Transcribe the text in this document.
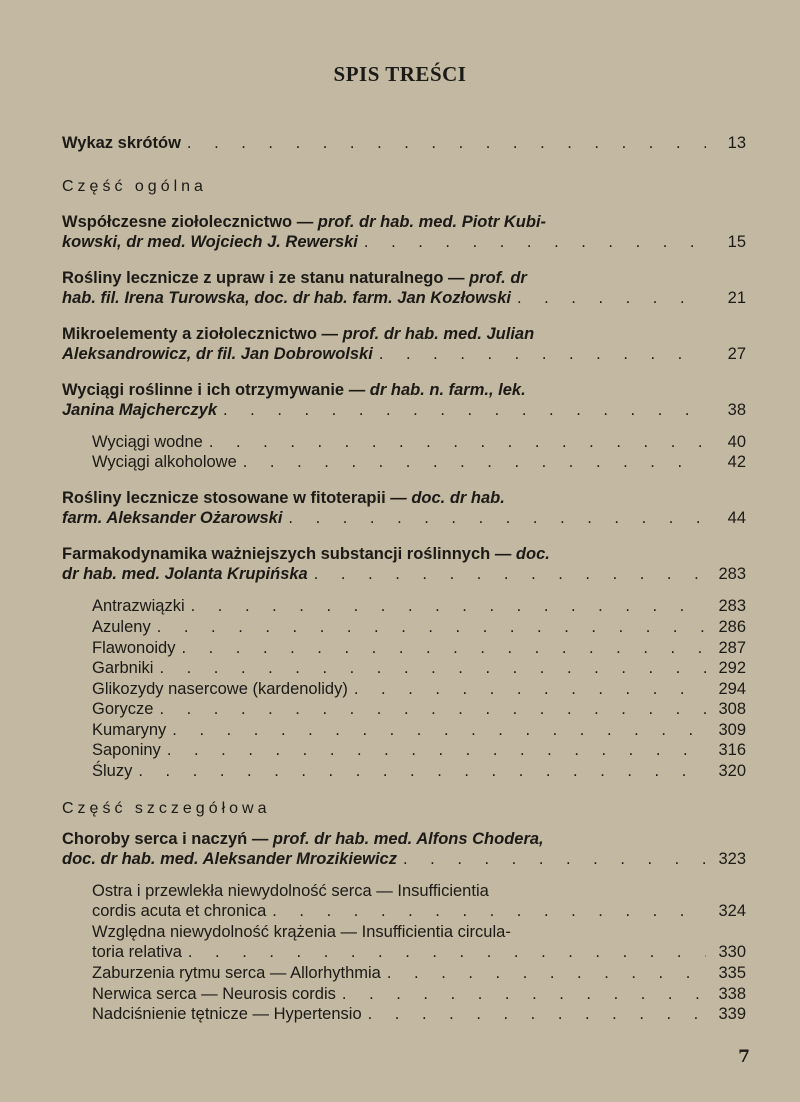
SPIS TREŚCI
Wykaz skrótów . . .	13
Część ogólna
Współczesne ziołolecznictwo — prof. dr hab. med. Piotr Kubi-
kowski, dr med. Wojciech J. Rewerski . . .	15
Rośliny lecznicze z upraw i ze stanu naturalnego — prof. dr
hab. fil. Irena Turowska, doc. dr hab. farm. Jan Kozłowski . . .	21
Mikroelementy a ziołolecznictwo — prof. dr hab. med. Julian
Aleksandrowicz, dr fil. Jan Dobrowolski . . .	27
Wyciągi roślinne i ich otrzymywanie — dr hab. n. farm., lek.
Janina Majcherczyk . . .	38
Wyciągi wodne . . .	40
Wyciągi alkoholowe . . .	42
Rośliny lecznicze stosowane w fitoterapii — doc. dr hab.
farm. Aleksander Ożarowski . . .	44
Farmakodynamika ważniejszych substancji roślinnych — doc.
dr hab. med. Jolanta Krupińska . . .	283
Antrazwiązki . . .	283
Azuleny . . .	286
Flawonoidy . . .	287
Garbniki . . .	292
Glikozydy nasercowe (kardenolidy) . . .	294
Gorycze . . .	308
Kumaryny . . .	309
Saponiny . . .	316
Śluzy . . .	320
Część szczegółowa
Choroby serca i naczyń — prof. dr hab. med. Alfons Chodera,
doc. dr hab. med. Aleksander Mrozikiewicz . . .	323
Ostra i przewlekła niewydolność serca — Insufficientia
cordis acuta et chronica . . .	324
Względna niewydolność krążenia — Insufficientia circula-
toria relativa . . .	330
Zaburzenia rytmu serca — Allorhythmia . . .	335
Nerwica serca — Neurosis cordis . . .	338
Nadciśnienie tętnicze — Hypertensio . . .	339
7
